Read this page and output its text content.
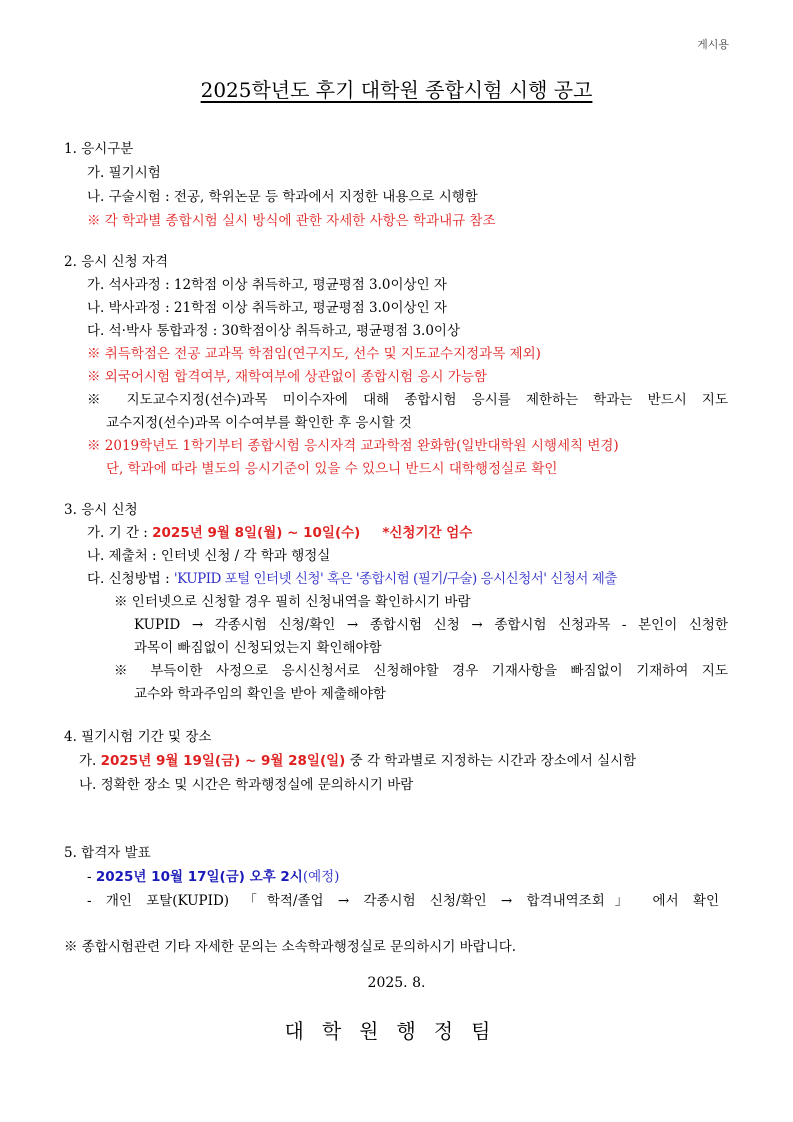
게시용
2025학년도 후기 대학원 종합시험 시행 공고
1. 응시구분
가. 필기시험
나. 구술시험 : 전공, 학위논문 등 학과에서 지정한 내용으로 시행함
※ 각 학과별 종합시험 실시 방식에 관한 자세한 사항은 학과내규 참조
2. 응시 신청 자격
가. 석사과정 : 12학점 이상 취득하고, 평균평점 3.0이상인 자
나. 박사과정 : 21학점 이상 취득하고, 평균평점 3.0이상인 자
다. 석·박사 통합과정 : 30학점이상 취득하고, 평균평점 3.0이상
※ 취득학점은 전공 교과목 학점임(연구지도, 선수 및 지도교수지정과목 제외)
※ 외국어시험 합격여부, 재학여부에 상관없이 종합시험 응시 가능함
※ 지도교수지정(선수)과목 미이수자에 대해 종합시험 응시를 제한하는 학과는 반드시 지도
교수지정(선수)과목 이수여부를 확인한 후 응시할 것
※ 2019학년도 1학기부터 종합시험 응시자격 교과학점 완화함(일반대학원 시행세칙 변경)
단, 학과에 따라 별도의 응시기준이 있을 수 있으니 반드시 대학행정실로 확인
3. 응시 신청
가. 기 간 : 2025년 9월 8일(월) ~ 10일(수) *신청기간 엄수
나. 제출처 : 인터넷 신청 / 각 학과 행정실
다. 신청방법 : 'KUPID 포털 인터넷 신청' 혹은 '종합시험 (필기/구술) 응시신청서' 신청서 제출
※ 인터넷으로 신청할 경우 필히 신청내역을 확인하시기 바람
KUPID → 각종시험 신청/확인 → 종합시험 신청 → 종합시험 신청과목 - 본인이 신청한
과목이 빠짐없이 신청되었는지 확인해야함
※ 부득이한 사정으로 응시신청서로 신청해야할 경우 기재사항을 빠짐없이 기재하여 지도
교수와 학과주임의 확인을 받아 제출해야함
4. 필기시험 기간 및 장소
가. 2025년 9월 19일(금) ~ 9월 28일(일) 중 각 학과별로 지정하는 시간과 장소에서 실시함
나. 정확한 장소 및 시간은 학과행정실에 문의하시기 바람
5. 합격자 발표
- 2025년 10월 17일(금) 오후 2시(예정)
- 개인 포탈(KUPID) 「학적/졸업 → 각종시험 신청/확인 → 합격내역조회」 에서 확인
※ 종합시험관련 기타 자세한 문의는 소속학과행정실로 문의하시기 바랍니다.
2025. 8.
대학원행정팀
